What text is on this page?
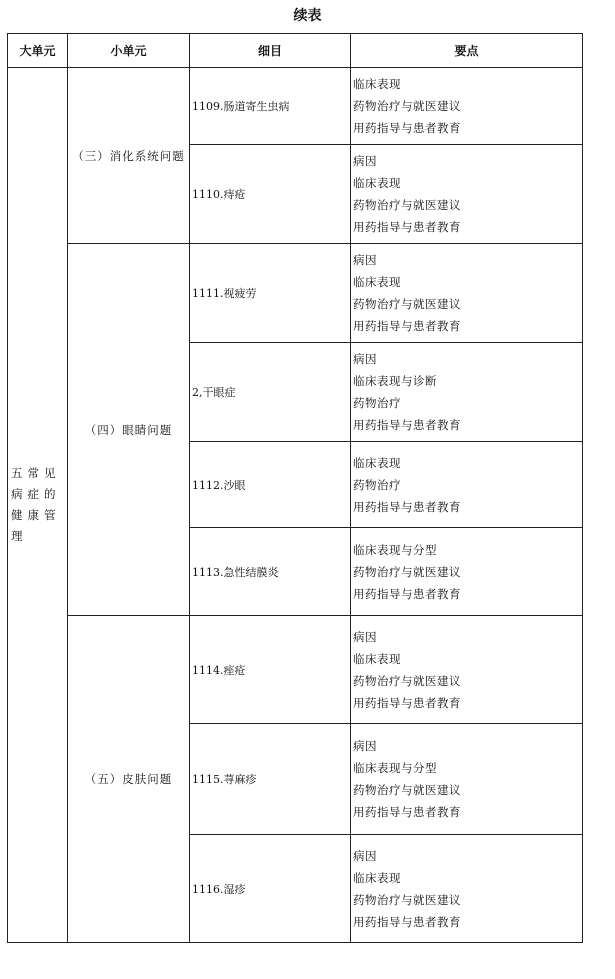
续表
大单元	小单元	细目	要点

五常见病症的健康管理	（三）消化系统问题	1109.肠道寄生虫病	临床表现
药物治疗与就医建议
用药指导与患者教育

		1110.痔疮	病因
临床表现
药物治疗与就医建议
用药指导与患者教育

	（四）眼睛问题	1111.视疲劳	病因
临床表现
药物治疗与就医建议
用药指导与患者教育

		2,干眼症	病因
临床表现与诊断
药物治疗
用药指导与患者教育

		1112.沙眼	临床表现
药物治疗
用药指导与患者教育

		1113.急性结膜炎	临床表现与分型
药物治疗与就医建议
用药指导与患者教育

	（五）皮肤问题	1114.痤疮	病因
临床表现
药物治疗与就医建议
用药指导与患者教育

		1115.荨麻疹	病因
临床表现与分型
药物治疗与就医建议
用药指导与患者教育

		1116.湿疹	病因
临床表现
药物治疗与就医建议
用药指导与患者教育
